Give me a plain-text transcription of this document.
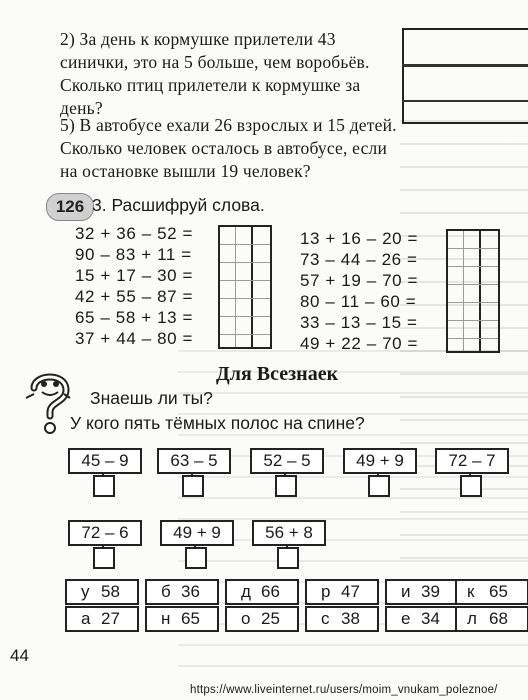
2) За день к кормушке прилетели 43 синички, это на 5 больше, чем воробьёв. Сколько птиц прилетели к кормушке за день?

5) В автобусе ехали 26 взрослых и 15 детей. Сколько человек осталось в автобусе, если на остановке вышли 19 человек?

126 3. Расшифруй слова.
32 + 36 – 52 =
90 – 83 + 11 =
15 + 17 – 30 =
42 + 55 – 87 =
65 – 58 + 13 =
37 + 44 – 80 =
13 + 16 – 20 =
73 – 44 – 26 =
57 + 19 – 70 =
80 – 11 – 60 =
33 – 13 – 15 =
49 + 22 – 70 =
Для Всезнаек
Знаешь ли ты?
У кого пять тёмных полос на спине?
45 – 9	63 – 5	52 – 5	49 + 9	72 – 7
72 – 6	49 + 9	56 + 8
у 58 б 36 д 66 р 47 и 39 к 65
а 27 н 65 о 25 с 38 е 34 л 68
44
https://www.liveinternet.ru/users/moim_vnukam_poleznoe/
